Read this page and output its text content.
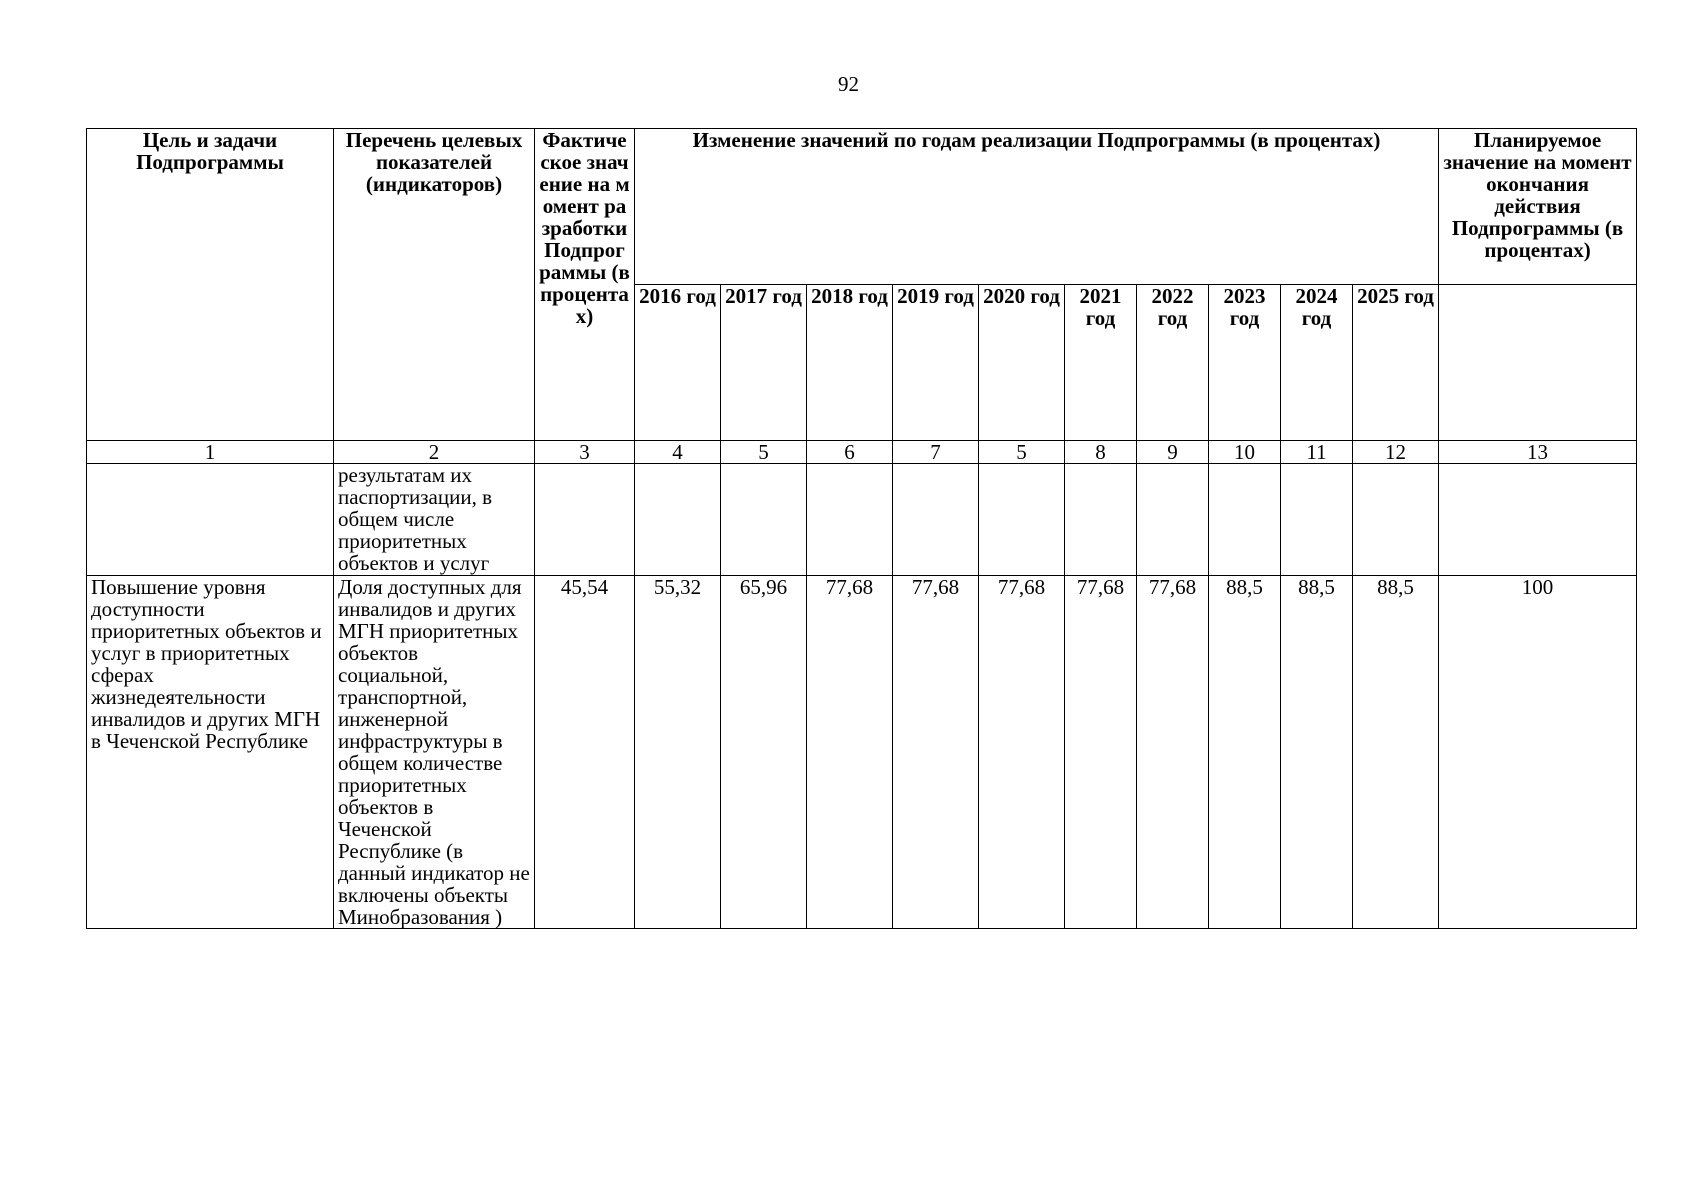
92
Цель и задачи Подпрограммы	Перечень целевых показателей (индикаторов)	Фактическое значение на момент разработки Подпрограммы (в процентах)	Изменение значений по годам реализации Подпрограммы (в процентах)										Планируемое значение на момент окончания действия Подпрограммы (в процентах)
			2016 год	2017 год	2018 год	2019 год	2020 год	2021 год	2022 год	2023 год	2024 год	2025 год	
1	2	3	4	5	6	7	5	8	9	10	11	12	13
	результатам их паспортизации, в общем числе приоритетных объектов и услуг												
Повышение уровня доступности приоритетных объектов и услуг в приоритетных сферах жизнедеятельности инвалидов и других МГН в Чеченской Республике	Доля доступных для инвалидов и других МГН приоритетных объектов социальной, транспортной, инженерной инфраструктуры в общем количестве приоритетных объектов в Чеченской Республике (в данный индикатор не включены объекты Минобразования )	45,54	55,32	65,96	77,68	77,68	77,68	77,68	77,68	88,5	88,5	88,5	100
